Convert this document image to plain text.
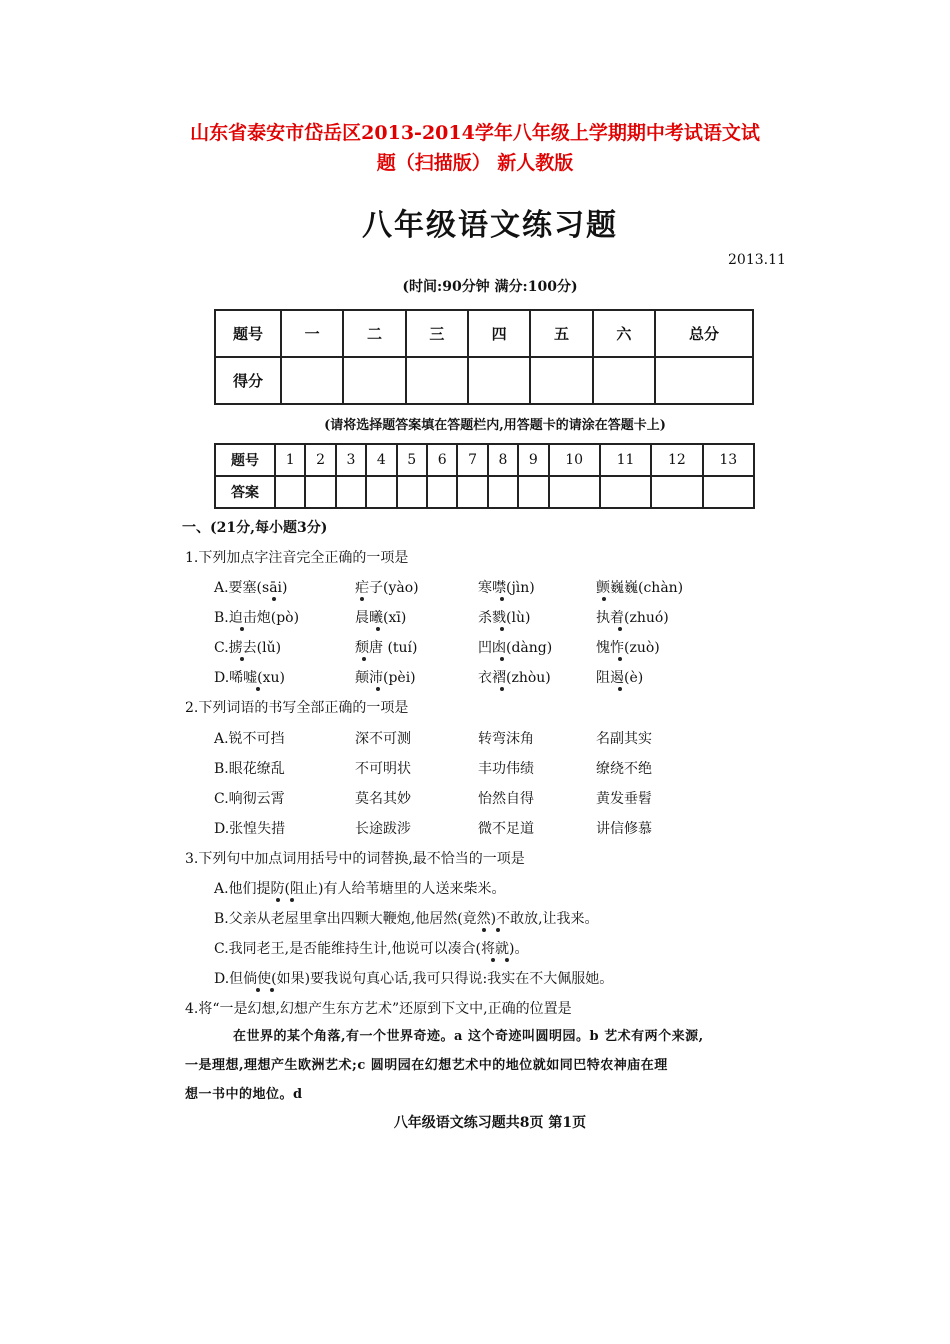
山东省泰安市岱岳区2013-2014学年八年级上学期期中考试语文试
题（扫描版） 新人教版
八年级语文练习题
2013.11
(时间:90分钟 满分:100分)
题号	一	二	三	四	五	六	总分
得分							
(请将选择题答案填在答题栏内,用答题卡的请涂在答题卡上)
题号	1	2	3	4	5	6	7	8	9	10	11	12	13
答案													
一、(21分,每小题3分)
1.下列加点字注音完全正确的一项是
A.要塞(sāi)	疟子(yào)	寒噤(jìn)	颤巍巍(chàn)
B.迫击炮(pò)	晨曦(xī)	杀戮(lù)	执着(zhuó)
C.掳去(lǔ)	颓唐 (tuí)	凹凼(dàng)	愧怍(zuò)
D.唏嘘(xu)	颠沛(pèi)	衣褶(zhòu)	阻遏(è)
2.下列词语的书写全部正确的一项是
A.锐不可挡	深不可测	转弯沫角	名副其实
B.眼花缭乱	不可明状	丰功伟绩	缭绕不绝
C.响彻云霄	莫名其妙	怡然自得	黄发垂髫
D.张惶失措	长途跋涉	微不足道	讲信修慕
3.下列句中加点词用括号中的词替换,最不恰当的一项是
A.他们提防(阻止)有人给苇塘里的人送来柴米。
B.父亲从老屋里拿出四颗大鞭炮,他居然(竟然)不敢放,让我来。
C.我同老王,是否能维持生计,他说可以凑合(将就)。
D.但倘使(如果)要我说句真心话,我可只得说:我实在不大佩服她。
4.将“一是幻想,幻想产生东方艺术”还原到下文中,正确的位置是
在世界的某个角落,有一个世界奇迹。a 这个奇迹叫圆明园。b 艺术有两个来源,
一是理想,理想产生欧洲艺术;c 圆明园在幻想艺术中的地位就如同巴特农神庙在理
想一书中的地位。d
八年级语文练习题共8页 第1页
